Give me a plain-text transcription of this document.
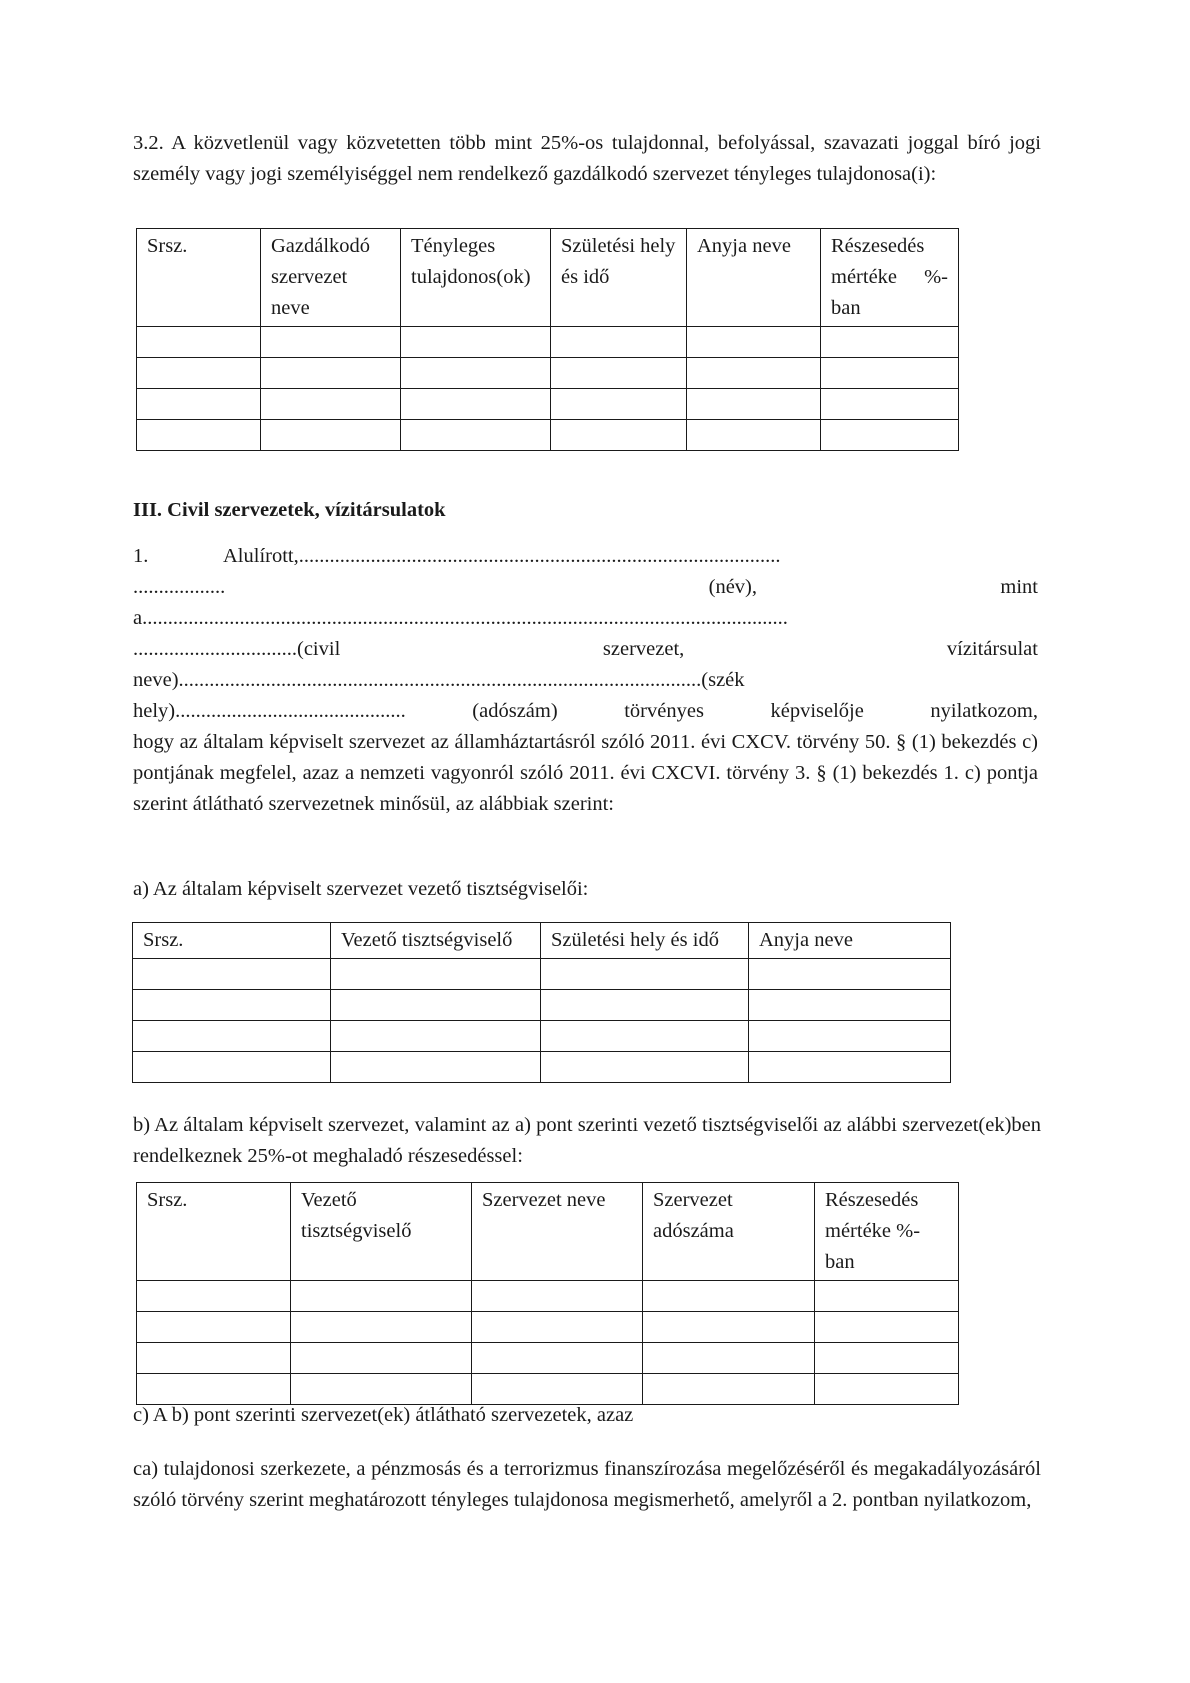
3.2. A közvetlenül vagy közvetetten több mint 25%-os tulajdonnal, befolyással, szavazati joggal bíró jogi személy vagy jogi személyiséggel nem rendelkező gazdálkodó szervezet tényleges tulajdonosa(i):

Srsz.	Gazdálkodó szervezet neve	Tényleges tulajdonos(ok)	Születési hely és idő	Anyja neve	Részesedés mértéke %-ban

III. Civil szervezetek, vízitársulatok

1.	Alulírott,..............................................................................................
..................	(név),	mint
a..............................................................................................................................
................................(civil	szervezet,	vízitársulat
neve)......................................................................................................(szék
hely).............................................	(adószám)	törvényes	képviselője	nyilatkozom,

hogy az általam képviselt szervezet az államháztartásról szóló 2011. évi CXCV. törvény 50. § (1) bekezdés c) pontjának megfelel, azaz a nemzeti vagyonról szóló 2011. évi CXCVI. törvény 3. § (1) bekezdés 1. c) pontja szerint átlátható szervezetnek minősül, az alábbiak szerint:

a) Az általam képviselt szervezet vezető tisztségviselői:

Srsz.	Vezető tisztségviselő	Születési hely és idő	Anyja neve

b) Az általam képviselt szervezet, valamint az a) pont szerinti vezető tisztségviselői az alábbi szervezet(ek)ben rendelkeznek 25%-ot meghaladó részesedéssel:

Srsz.	Vezető tisztségviselő	Szervezet neve	Szervezet adószáma	Részesedés mértéke %-ban

c) A b) pont szerinti szervezet(ek) átlátható szervezetek, azaz

ca) tulajdonosi szerkezete, a pénzmosás és a terrorizmus finanszírozása megelőzéséről és megakadályozásáról szóló törvény szerint meghatározott tényleges tulajdonosa megismerhető, amelyről a 2. pontban nyilatkozom,
